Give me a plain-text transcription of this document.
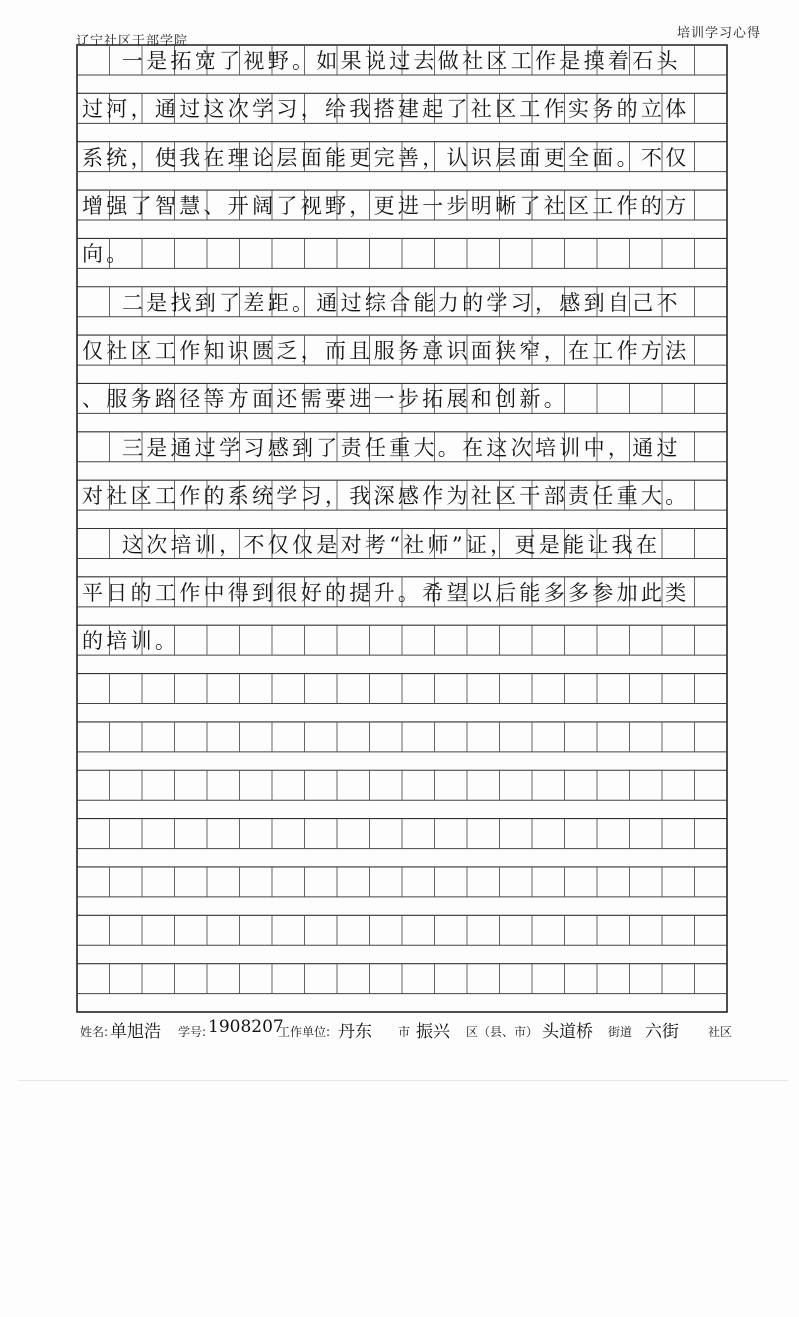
辽宁社区干部学院
培训学习心得
一是拓宽了视野。如果说过去做社区工作是摸着石头
过河，通过这次学习，给我搭建起了社区工作实务的立体
系统，使我在理论层面能更完善，认识层面更全面。不仅
增强了智慧、开阔了视野，更进一步明晰了社区工作的方
向。
二是找到了差距。通过综合能力的学习，感到自己不
仅社区工作知识匮乏，而且服务意识面狭窄，在工作方法
、服务路径等方面还需要进一步拓展和创新。
三是通过学习感到了责任重大。在这次培训中，通过
对社区工作的系统学习，我深感作为社区干部责任重大。
这次培训，不仅仅是对考“社师”证，更是能让我在
平日的工作中得到很好的提升。希望以后能多多参加此类
的培训。
姓名: 单旭浩 学号: 1908207
工作单位: 丹东 市 振兴 区（县、市） 头道桥 街道 六街 社区
